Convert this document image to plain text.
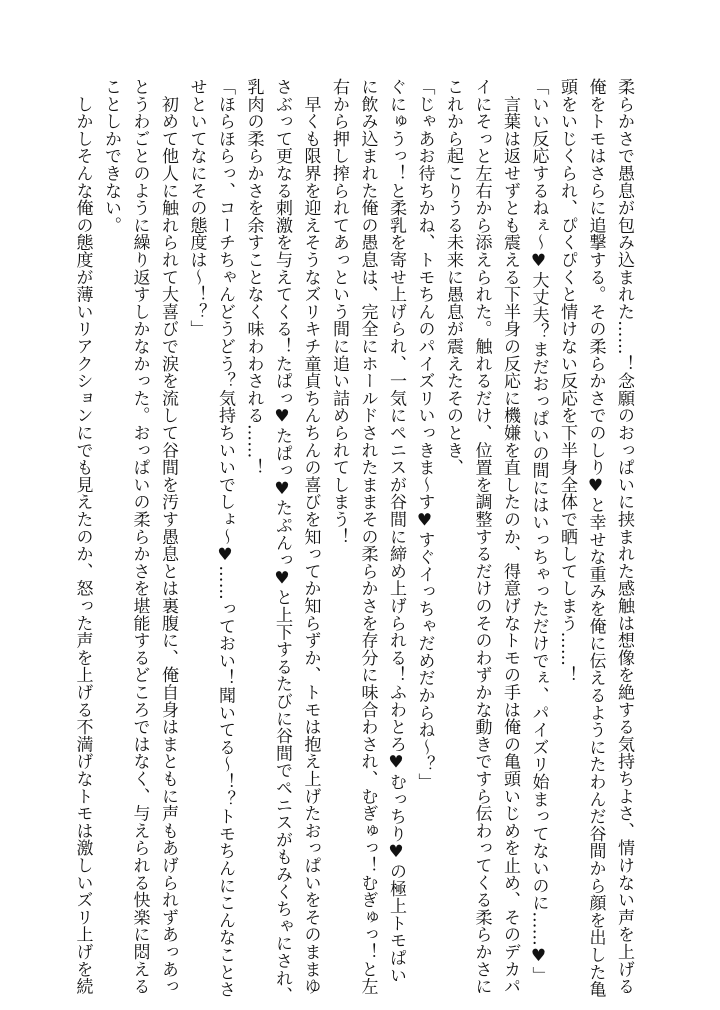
柔らかさで愚息が包み込まれた……！念願のおっぱいに挟まれた感触は想像を絶する気持ちよさ、情けない声を上げる

俺をトモはさらに追撃する。その柔らかさでのしり♥と幸せな重みを俺に伝えるようにたわんだ谷間から顔を出した亀

頭をいじくられ、ぴくぴくと情けない反応を下半身全体で晒してしまう……！

「いい反応するねぇ～♥大丈夫？まだおっぱいの間にはいっちゃっただけでぇ、パイズリ始まってないのに……♥」

　言葉は返せずとも震える下半身の反応に機嫌を直したのか、得意げなトモの手は俺の亀頭いじめを止め、そのデカパ

イにそっと左右から添えられた。触れるだけ、位置を調整するだけのそのわずかな動きですら伝わってくる柔らかさに

これから起こりうる未来に愚息が震えたそのとき、

「じゃあお待ちかね、トモちんのパイズリいっきま～す♥すぐイっちゃだめだからね～？」

ぐにゅうっ！と柔乳を寄せ上げられ、一気にペニスが谷間に締め上げられる！ふわとろ♥むっちり♥の極上トモぱい

に飲み込まれた俺の愚息は、完全にホールドされたままその柔らかさを存分に味合わされ、むぎゅっ！むぎゅっ！と左

右から押し搾られてあっという間に追い詰められてしまう！

　早くも限界を迎えそうなズリキチ童貞ちんちんの喜びを知ってか知らずか、トモは抱え上げたおっぱいをそのままゆ

さぶって更なる刺激を与えてくる！たぱっ♥たぱっ♥たぷんっ♥と上下するたびに谷間でペニスがもみくちゃにされ、

乳肉の柔らかさを余すことなく味わわされる……！

「ほらほらっ、コーチちゃんどうどう？気持ちいいでしょ～♥……っておい！聞いてる～！？トモちんにこんなことさ

せといてなにその態度は～！？」

　初めて他人に触れられて大喜びで涙を流して谷間を汚す愚息とは裏腹に、俺自身はまともに声もあげられずあっあっ

とうわごとのように繰り返すしかなかった。おっぱいの柔らかさを堪能するどころではなく、与えられる快楽に悶える

ことしかできない。

　しかしそんな俺の態度が薄いリアクションにでも見えたのか、怒った声を上げる不満げなトモは激しいズリ上げを続
